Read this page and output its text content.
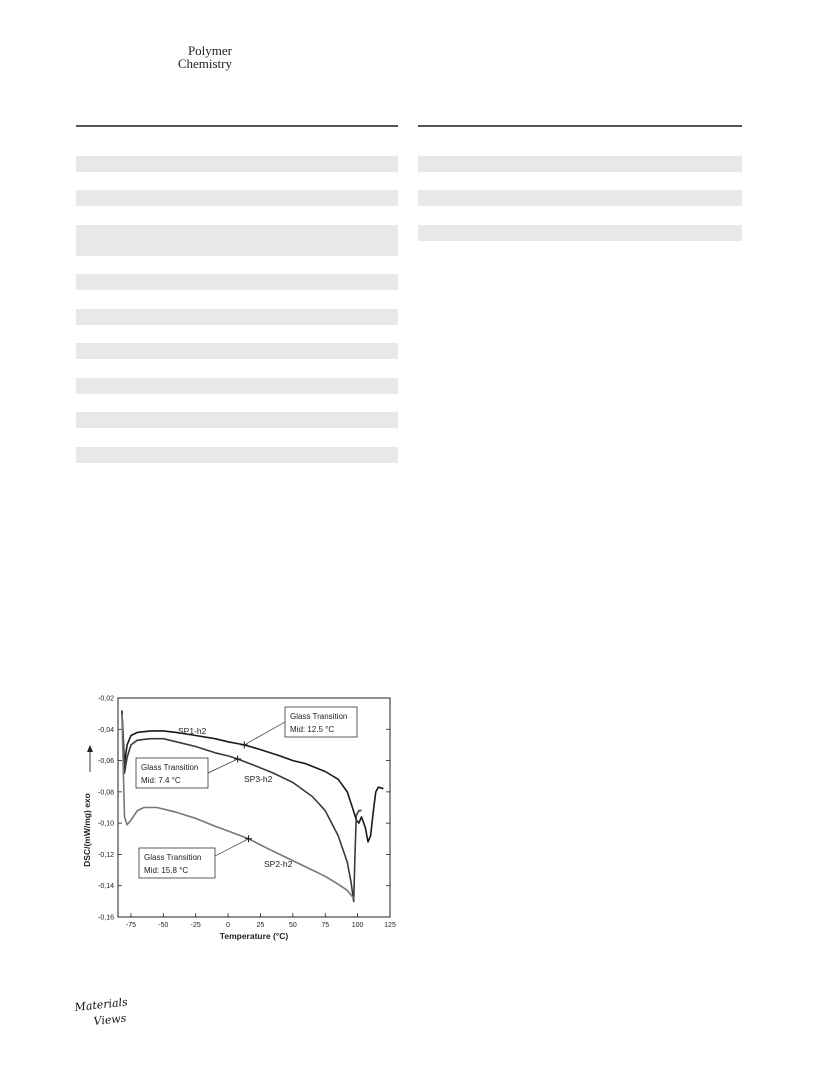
Polymer
Chemistry
-75	-50	-25	0	25	50	75	100	125
-0,02
-0,04
-0,06
-0,08
-0,10
-0,12
-0,14
-0,16
SP1-h2
SP3-h2
SP2-h2
Glass Transition
Mid: 12.5 °C
Glass Transition
Mid: 7.4 °C
Glass Transition
Mid: 15.8 °C
Temperature (°C)
DSC/(mW/mg) exo
Materials
Views
